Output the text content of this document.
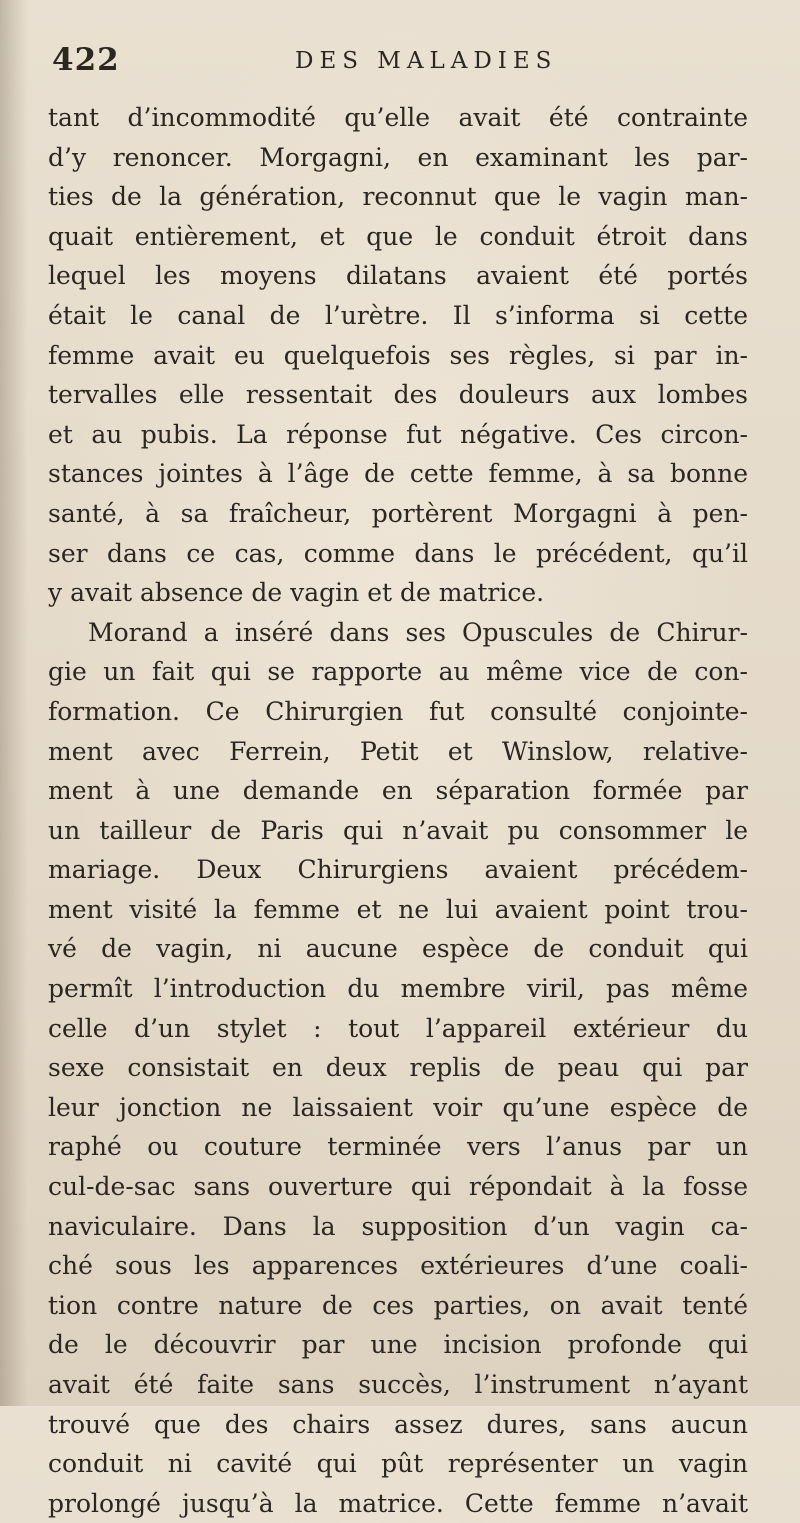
422	DES MALADIES
tant d’incommodité qu’elle avait été contrainte
d’y renoncer. Morgagni, en examinant les par-
ties de la génération, reconnut que le vagin man-
quait entièrement, et que le conduit étroit dans
lequel les moyens dilatans avaient été portés
était le canal de l’urètre. Il s’informa si cette
femme avait eu quelquefois ses règles, si par in-
tervalles elle ressentait des douleurs aux lombes
et au pubis. La réponse fut négative. Ces circon-
stances jointes à l’âge de cette femme, à sa bonne
santé, à sa fraîcheur, portèrent Morgagni à pen-
ser dans ce cas, comme dans le précédent, qu’il
y avait absence de vagin et de matrice.
Morand a inséré dans ses Opuscules de Chirur-
gie un fait qui se rapporte au même vice de con-
formation. Ce Chirurgien fut consulté conjointe-
ment avec Ferrein, Petit et Winslow, relative-
ment à une demande en séparation formée par
un tailleur de Paris qui n’avait pu consommer le
mariage. Deux Chirurgiens avaient précédem-
ment visité la femme et ne lui avaient point trou-
vé de vagin, ni aucune espèce de conduit qui
permît l’introduction du membre viril, pas même
celle d’un stylet : tout l’appareil extérieur du
sexe consistait en deux replis de peau qui par
leur jonction ne laissaient voir qu’une espèce de
raphé ou couture terminée vers l’anus par un
cul-de-sac sans ouverture qui répondait à la fosse
naviculaire. Dans la supposition d’un vagin ca-
ché sous les apparences extérieures d’une coali-
tion contre nature de ces parties, on avait tenté
de le découvrir par une incision profonde qui
avait été faite sans succès, l’instrument n’ayant
trouvé que des chairs assez dures, sans aucun
conduit ni cavité qui pût représenter un vagin
prolongé jusqu’à la matrice. Cette femme n’avait
